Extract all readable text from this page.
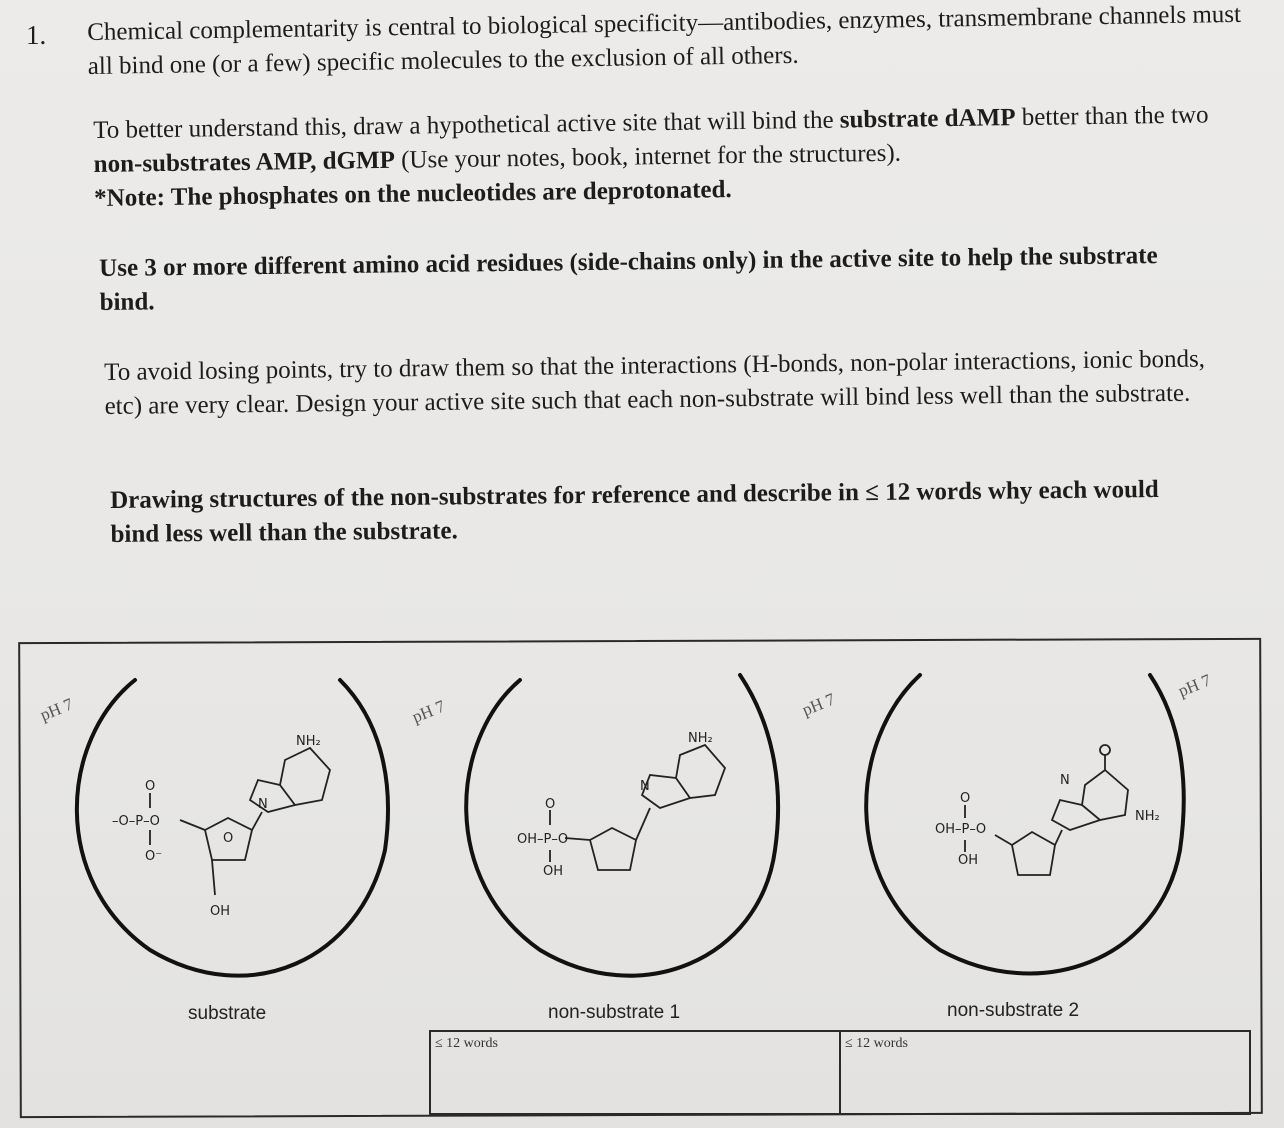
1. Chemical complementarity is central to biological specificity—antibodies, enzymes, transmembrane channels must all bind one (or a few) specific molecules to the exclusion of all others.
To better understand this, draw a hypothetical active site that will bind the substrate dAMP better than the two non-substrates AMP, dGMP (Use your notes, book, internet for the structures).
*Note: The phosphates on the nucleotides are deprotonated.
Use 3 or more different amino acid residues (side-chains only) in the active site to help the substrate bind.
To avoid losing points, try to draw them so that the interactions (H-bonds, non-polar interactions, ionic bonds, etc) are very clear. Design your active site such that each non-substrate will bind less well than the substrate.
Drawing structures of the non-substrates for reference and describe in ≤ 12 words why each would bind less well than the substrate.
NH₂
–O–P–O
O
O⁻
N
O
OH
NH₂
OH–P–O
O
OH
N
NH₂
OH–P–O
O
OH
N
pH 7	pH 7	pH 7
pH 7
substrate	non-substrate 1	non-substrate 2
≤ 12 words	≤ 12 words
